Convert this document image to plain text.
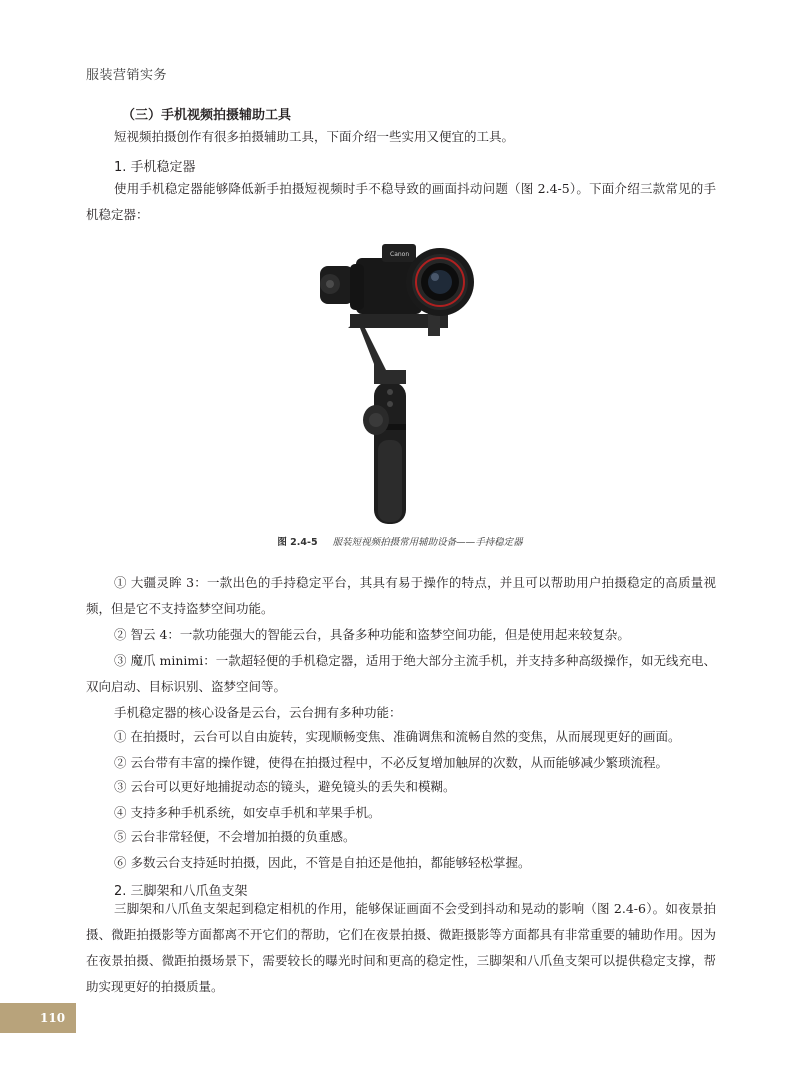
服装营销实务
（三）手机视频拍摄辅助工具
短视频拍摄创作有很多拍摄辅助工具，下面介绍一些实用又便宜的工具。
1. 手机稳定器
使用手机稳定器能够降低新手拍摄短视频时手不稳导致的画面抖动问题（图 2.4-5）。下面介绍三款常见的手机稳定器：
Canon
图 2.4-5 服装短视频拍摄常用辅助设备——手持稳定器
① 大疆灵眸 3：一款出色的手持稳定平台，其具有易于操作的特点，并且可以帮助用户拍摄稳定的高质量视频，但是它不支持盗梦空间功能。
② 智云 4：一款功能强大的智能云台，具备多种功能和盗梦空间功能，但是使用起来较复杂。
③ 魔爪 minimi：一款超轻便的手机稳定器，适用于绝大部分主流手机，并支持多种高级操作，如无线充电、双向启动、目标识别、盗梦空间等。
手机稳定器的核心设备是云台，云台拥有多种功能：
① 在拍摄时，云台可以自由旋转，实现顺畅变焦、准确调焦和流畅自然的变焦，从而展现更好的画面。
② 云台带有丰富的操作键，使得在拍摄过程中，不必反复增加触屏的次数，从而能够减少繁琐流程。
③ 云台可以更好地捕捉动态的镜头，避免镜头的丢失和模糊。
④ 支持多种手机系统，如安卓手机和苹果手机。
⑤ 云台非常轻便，不会增加拍摄的负重感。
⑥ 多数云台支持延时拍摄，因此，不管是自拍还是他拍，都能够轻松掌握。
2. 三脚架和八爪鱼支架
三脚架和八爪鱼支架起到稳定相机的作用，能够保证画面不会受到抖动和晃动的影响（图 2.4-6）。如夜景拍摄、微距拍摄影等方面都离不开它们的帮助，它们在夜景拍摄、微距摄影等方面都具有非常重要的辅助作用。因为在夜景拍摄、微距拍摄场景下，需要较长的曝光时间和更高的稳定性，三脚架和八爪鱼支架可以提供稳定支撑，帮助实现更好的拍摄质量。
110
